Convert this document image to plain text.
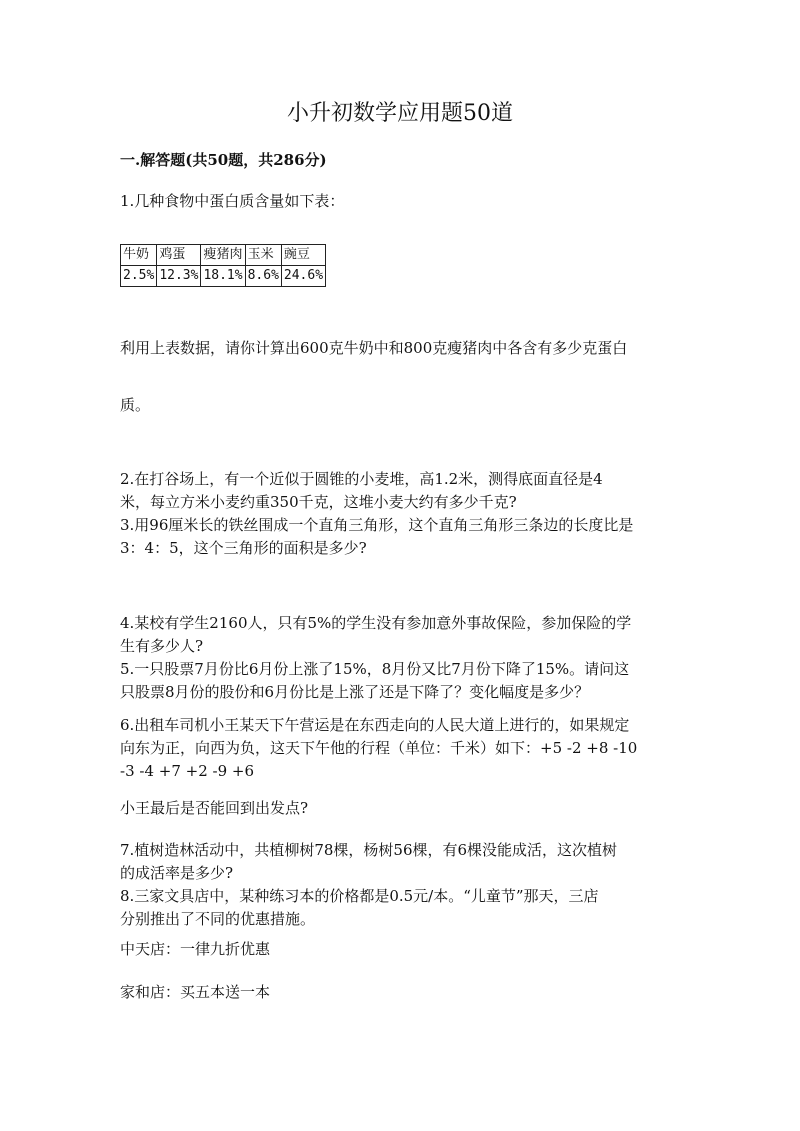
小升初数学应用题50道
一.解答题(共50题，共286分)
1.几种食物中蛋白质含量如下表：
牛奶	鸡蛋	瘦猪肉	玉米	豌豆
2.5%	12.3%	18.1%	8.6%	24.6%
利用上表数据，请你计算出600克牛奶中和800克瘦猪肉中各含有多少克蛋白
质。
2.在打谷场上，有一个近似于圆锥的小麦堆，高1.2米，测得底面直径是4
米，每立方米小麦约重350千克，这堆小麦大约有多少千克?
3.用96厘米长的铁丝围成一个直角三角形，这个直角三角形三条边的长度比是
3：4：5，这个三角形的面积是多少?
4.某校有学生2160人，只有5%的学生没有参加意外事故保险，参加保险的学
生有多少人?
5.一只股票7月份比6月份上涨了15%，8月份又比7月份下降了15%。请问这
只股票8月份的股份和6月份比是上涨了还是下降了？变化幅度是多少？
6.出租车司机小王某天下午营运是在东西走向的人民大道上进行的，如果规定
向东为正，向西为负，这天下午他的行程（单位：千米）如下：+5 -2 +8 -10
-3 -4 +7 +2 -9 +6
小王最后是否能回到出发点?
7.植树造林活动中，共植柳树78棵，杨树56棵，有6棵没能成活，这次植树
的成活率是多少?
8.三家文具店中，某种练习本的价格都是0.5元/本。“儿童节”那天，三店
分别推出了不同的优惠措施。
中天店：一律九折优惠
家和店：买五本送一本
